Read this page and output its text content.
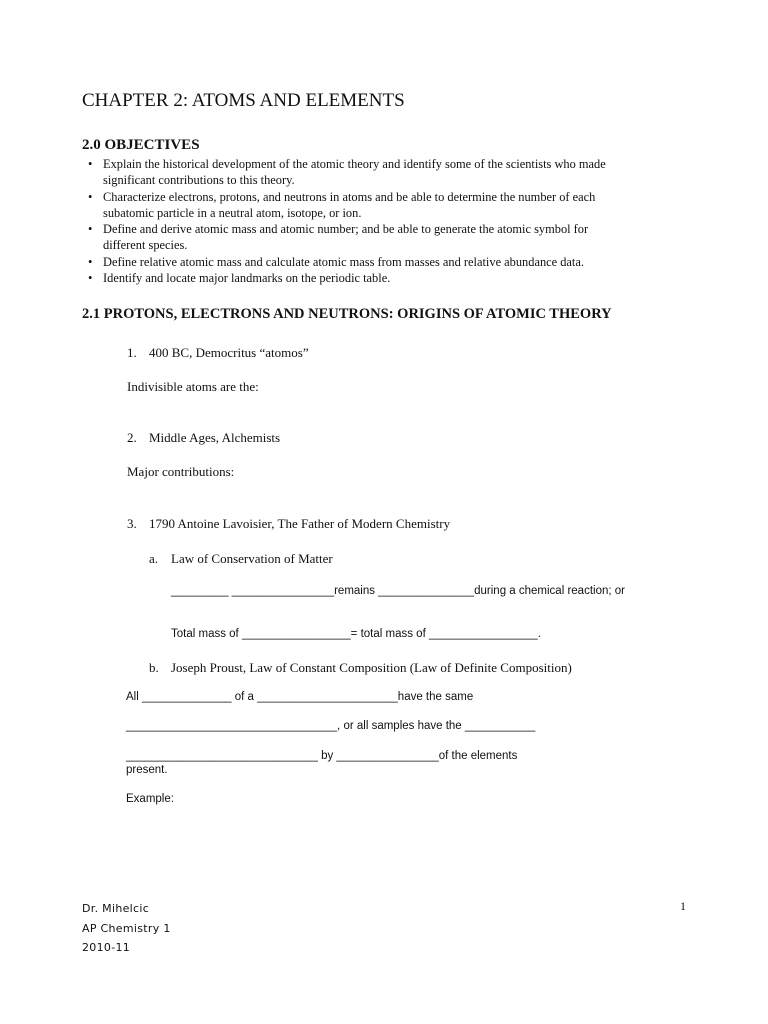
CHAPTER 2: ATOMS AND ELEMENTS
2.0 OBJECTIVES
• Explain the historical development of the atomic theory and identify some of the scientists who made
significant contributions to this theory.
• Characterize electrons, protons, and neutrons in atoms and be able to determine the number of each
subatomic particle in a neutral atom, isotope, or ion.
• Define and derive atomic mass and atomic number; and be able to generate the atomic symbol for
different species.
• Define relative atomic mass and calculate atomic mass from masses and relative abundance data.
• Identify and locate major landmarks on the periodic table.
2.1 PROTONS, ELECTRONS AND NEUTRONS: ORIGINS OF ATOMIC THEORY
1. 400 BC, Democritus “atomos”
Indivisible atoms are the:
2. Middle Ages, Alchemists
Major contributions:
3. 1790 Antoine Lavoisier, The Father of Modern Chemistry
a. Law of Conservation of Matter
_________ ________________remains _______________during a chemical reaction; or
Total mass of _________________= total mass of _________________.
b. Joseph Proust, Law of Constant Composition (Law of Definite Composition)
All ______________ of a ______________________have the same
_________________________________, or all samples have the ___________
______________________________ by ________________of the elements
present.
Example:
Dr. Mihelcic
AP Chemistry 1
2010-11
1
